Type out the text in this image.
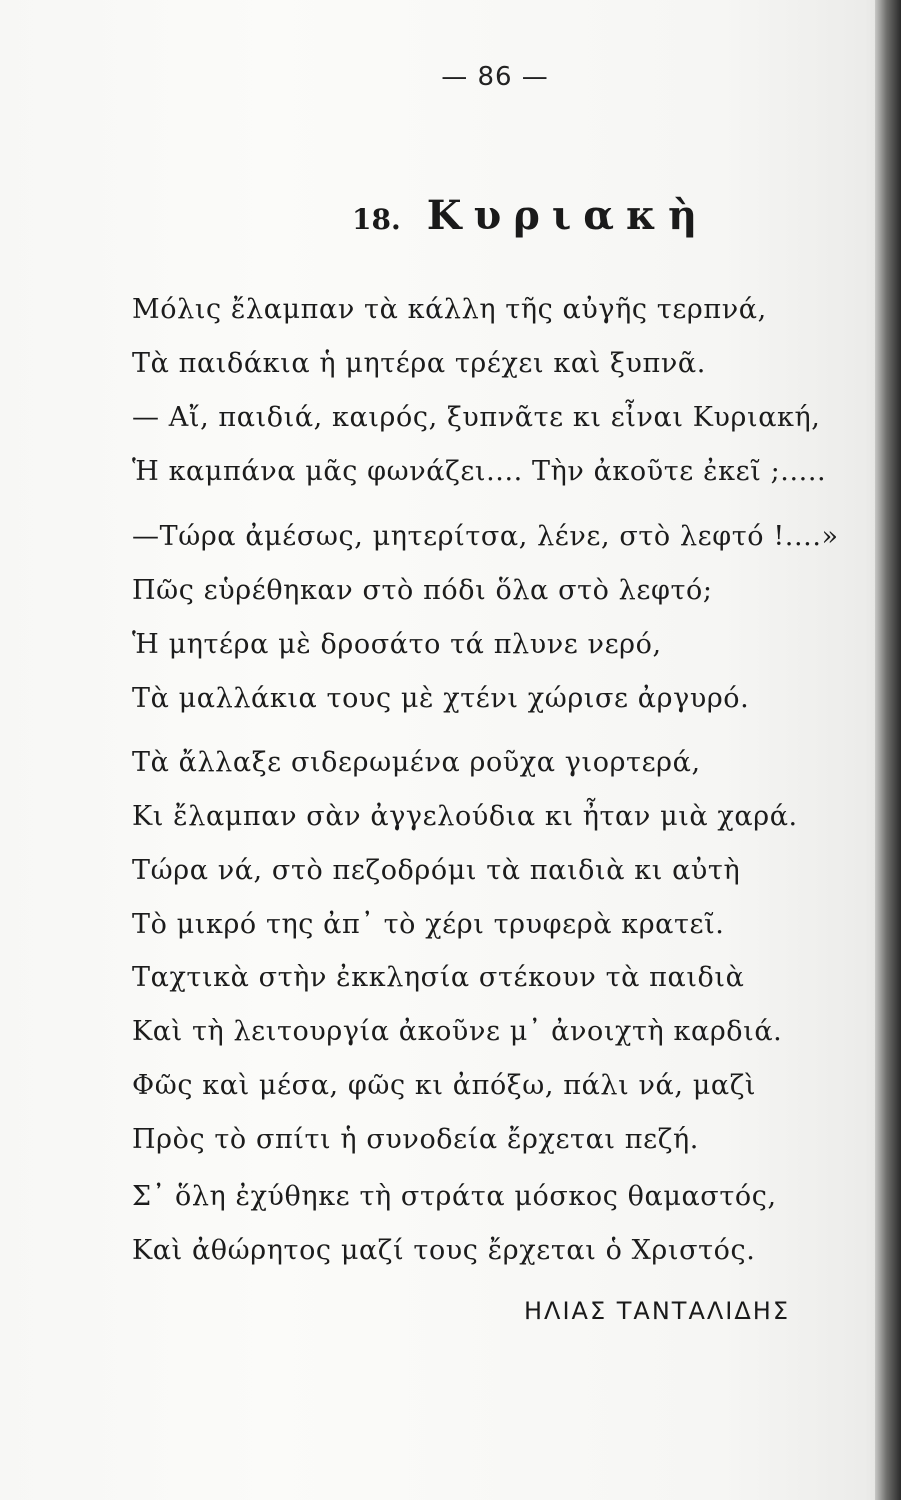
— 86 —
18. Κυριακὴ
Μόλις ἔλαμπαν τὰ κάλλη τῆς αὐγῆς τερπνά,
Τὰ παιδάκια ἡ μητέρα τρέχει καὶ ξυπνᾶ.
— Αἴ, παιδιά, καιρός, ξυπνᾶτε κι εἶναι Κυριακή,
Ἡ καμπάνα μᾶς φωνάζει.... Τὴν ἀκοῦτε ἐκεῖ ;.....
—Τώρα ἀμέσως, μητερίτσα, λένε, στὸ λεφτό !....»
Πῶς εὑρέθηκαν στὸ πόδι ὅλα στὸ λεφτό;
Ἡ μητέρα μὲ δροσάτο τά πλυνε νερό,
Τὰ μαλλάκια τους μὲ χτένι χώρισε ἀργυρό.
Τὰ ἄλλαξε σιδερωμένα ροῦχα γιορτερά,
Κι ἔλαμπαν σὰν ἀγγελούδια κι ἦταν μιὰ χαρά.
Τώρα νά, στὸ πεζοδρόμι τὰ παιδιὰ κι αὐτὴ
Τὸ μικρό της ἀπ᾽ τὸ χέρι τρυφερὰ κρατεῖ.
Ταχτικὰ στὴν ἐκκλησία στέκουν τὰ παιδιὰ
Καὶ τὴ λειτουργία ἀκοῦνε μ᾽ ἀνοιχτὴ καρδιά.
Φῶς καὶ μέσα, φῶς κι ἀπόξω, πάλι νά, μαζὶ
Πρὸς τὸ σπίτι ἡ συνοδεία ἔρχεται πεζή.
Σ᾽ ὅλη ἐχύθηκε τὴ στράτα μόσκος θαμαστός,
Καὶ ἀθώρητος μαζί τους ἔρχεται ὁ Χριστός.
ΗΛΙΑΣ ΤΑΝΤΑΛΙΔΗΣ
